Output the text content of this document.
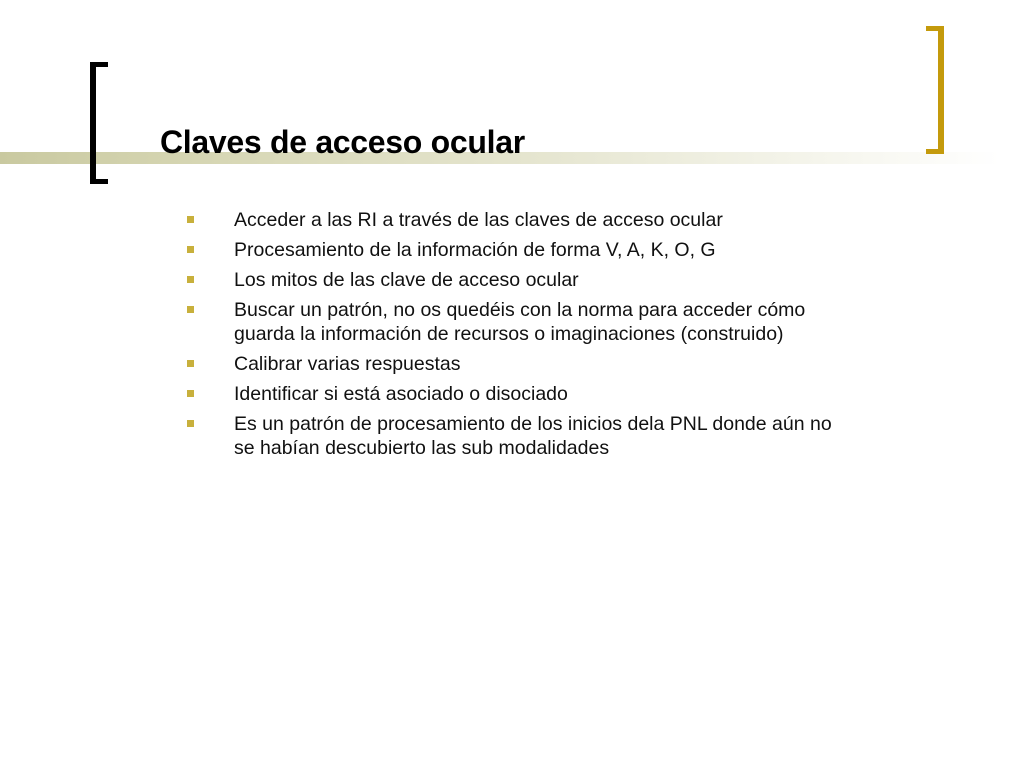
Claves de acceso ocular
Acceder a las RI a través de las claves de acceso ocular
Procesamiento de la información de forma V, A, K, O, G
Los mitos de las clave de acceso ocular
Buscar un patrón, no os quedéis con la norma para acceder cómo guarda la información de recursos o imaginaciones (construido)
Calibrar varias respuestas
Identificar si está asociado o disociado
Es un patrón de procesamiento de los inicios dela PNL donde aún no se habían descubierto las sub modalidades
